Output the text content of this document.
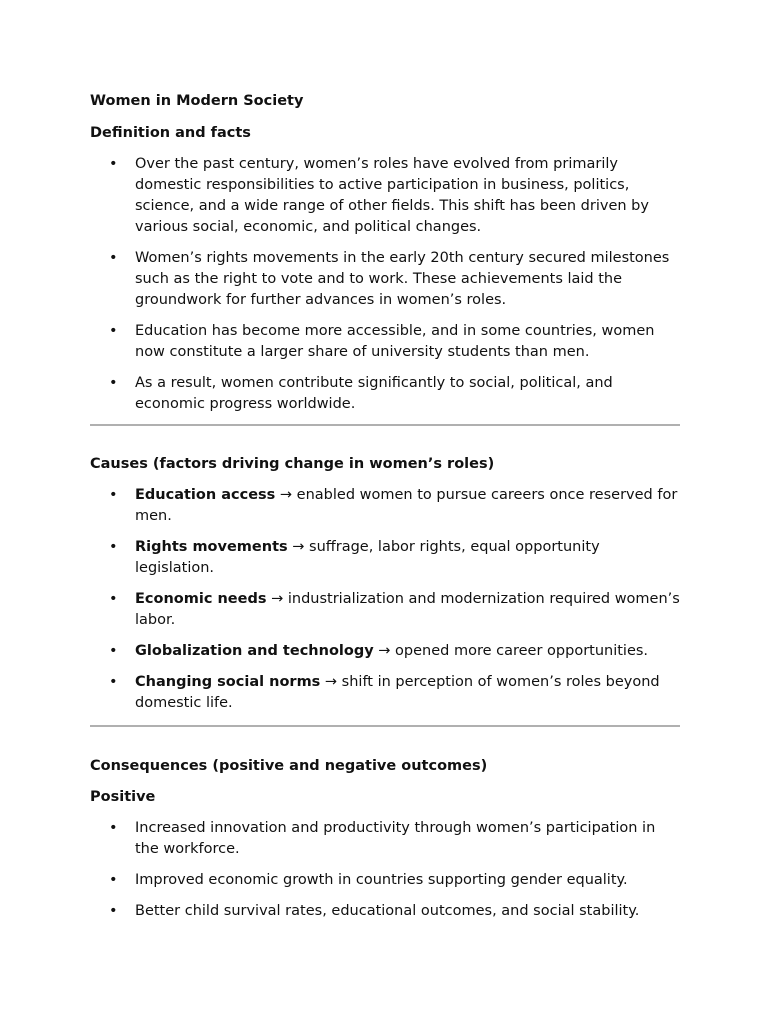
Women in Modern Society

Definition and facts

• Over the past century, women’s roles have evolved from primarily domestic responsibilities to active participation in business, politics, science, and a wide range of other fields. This shift has been driven by various social, economic, and political changes.
• Women’s rights movements in the early 20th century secured milestones such as the right to vote and to work. These achievements laid the groundwork for further advances in women’s roles.
• Education has become more accessible, and in some countries, women now constitute a larger share of university students than men.
• As a result, women contribute significantly to social, political, and economic progress worldwide.

Causes (factors driving change in women’s roles)

• Education access → enabled women to pursue careers once reserved for men.
• Rights movements → suffrage, labor rights, equal opportunity legislation.
• Economic needs → industrialization and modernization required women’s labor.
• Globalization and technology → opened more career opportunities.
• Changing social norms → shift in perception of women’s roles beyond domestic life.

Consequences (positive and negative outcomes)

Positive

• Increased innovation and productivity through women’s participation in the workforce.
• Improved economic growth in countries supporting gender equality.
• Better child survival rates, educational outcomes, and social stability.
